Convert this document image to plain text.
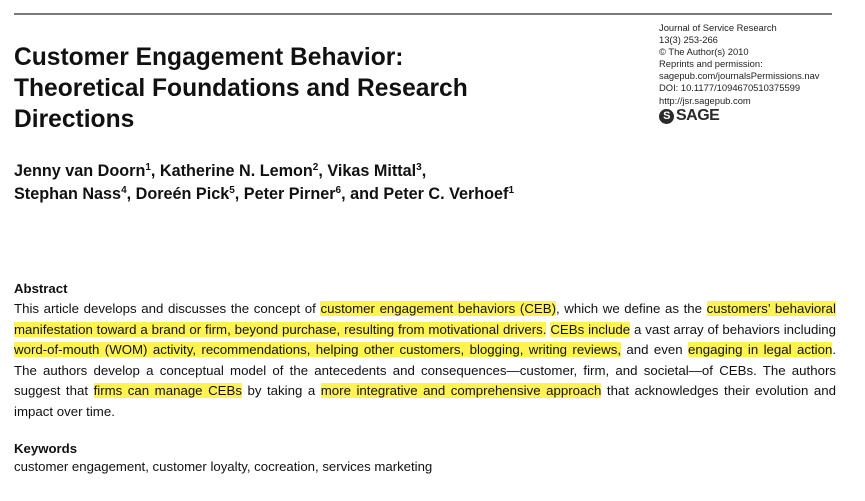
Journal of Service Research
13(3) 253-266
© The Author(s) 2010
Reprints and permission:
sagepub.com/journalsPermissions.nav
DOI: 10.1177/1094670510375599
http://jsr.sagepub.com
S SAGE
Customer Engagement Behavior:
Theoretical Foundations and Research
Directions
Jenny van Doorn$^1$, Katherine N. Lemon$^2$, Vikas Mittal$^3$,
Stephan Nass$^4$, Doreén Pick$^5$, Peter Pirner$^6$, and Peter C. Verhoef$^1$
Abstract
This article develops and discusses the concept of customer engagement behaviors (CEB), which we define as the customers’ behavioral manifestation toward a brand or firm, beyond purchase, resulting from motivational drivers. CEBs include a vast array of behaviors including word-of-mouth (WOM) activity, recommendations, helping other customers, blogging, writing reviews, and even engaging in legal action. The authors develop a conceptual model of the antecedents and consequences—customer, firm, and societal—of CEBs. The authors suggest that firms can manage CEBs by taking a more integrative and comprehensive approach that acknowledges their evolution and impact over time.
Keywords
customer engagement, customer loyalty, cocreation, services marketing
